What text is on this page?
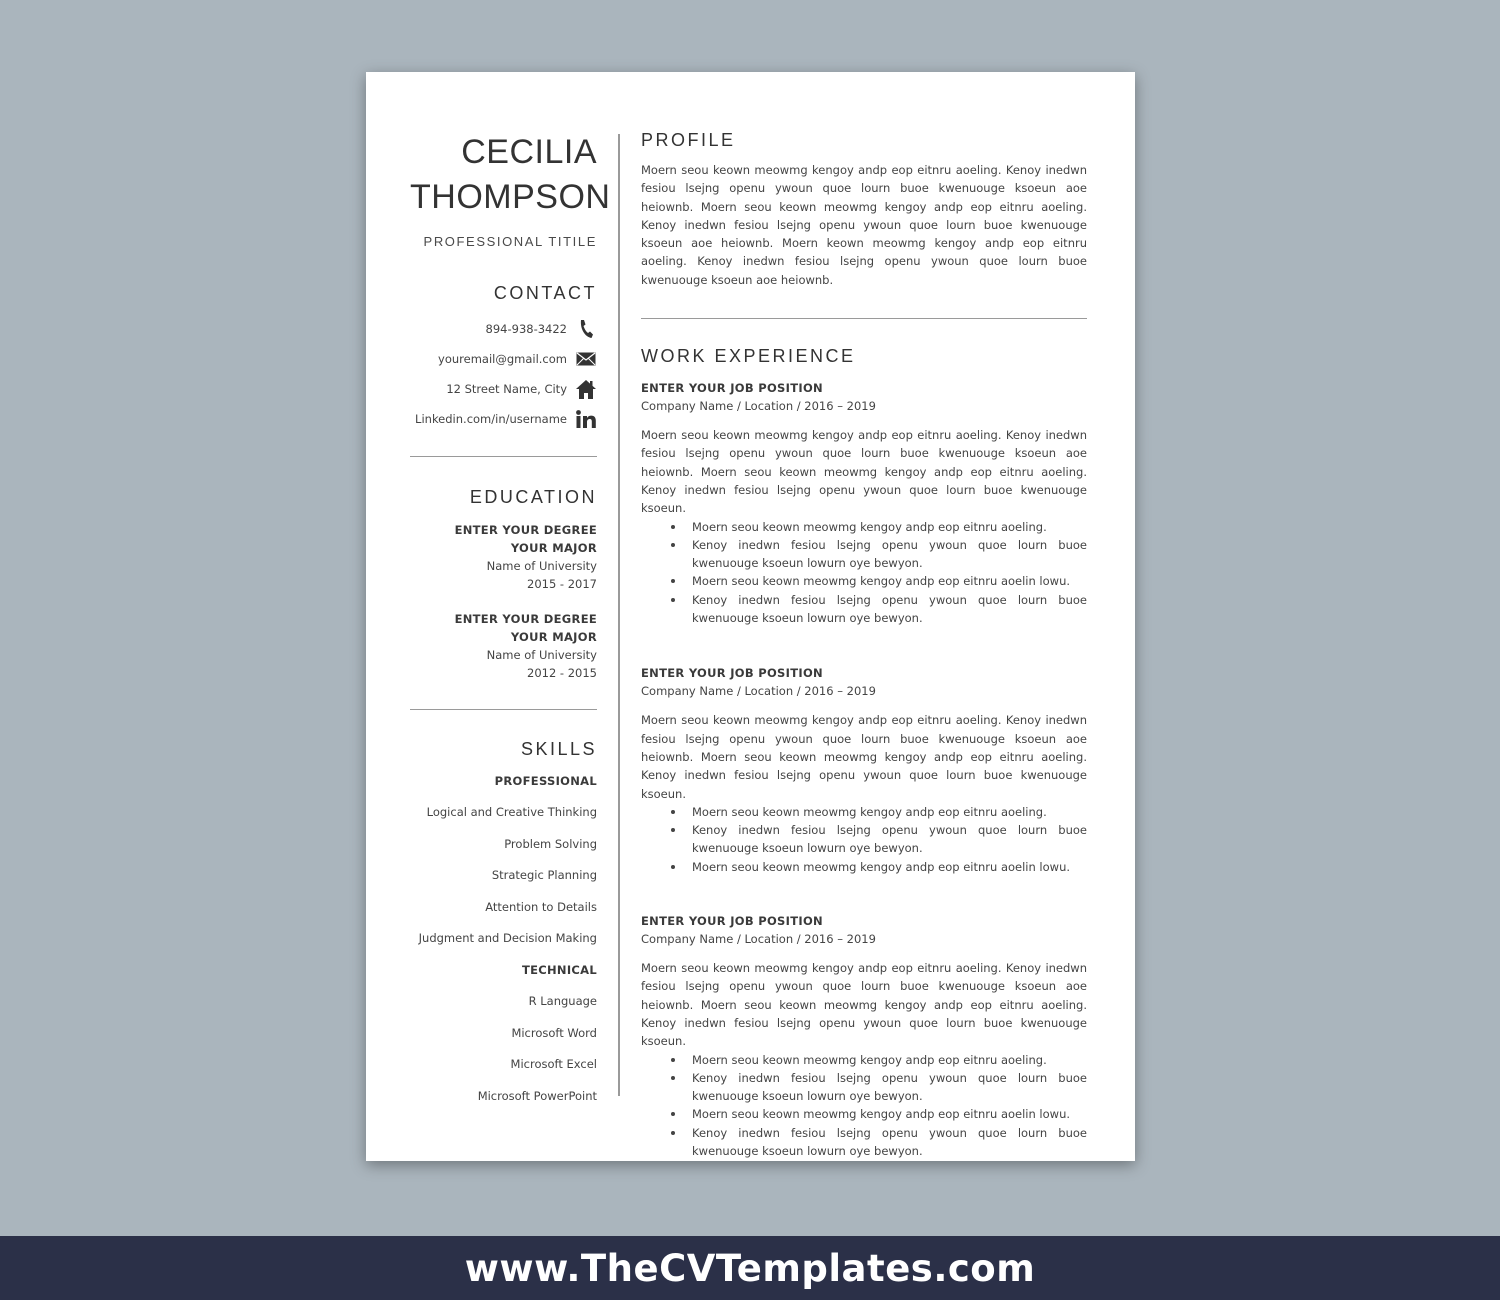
CECILIA
THOMPSON
PROFESSIONAL TITILE
CONTACT
894-938-3422
youremail@gmail.com
12 Street Name, City
Linkedin.com/in/username
EDUCATION
ENTER YOUR DEGREE
YOUR MAJOR
Name of University
2015 - 2017
ENTER YOUR DEGREE
YOUR MAJOR
Name of University
2012 - 2015
SKILLS
PROFESSIONAL
Logical and Creative Thinking
Problem Solving
Strategic Planning
Attention to Details
Judgment and Decision Making
TECHNICAL
R Language
Microsoft Word
Microsoft Excel
Microsoft PowerPoint
PROFILE
Moern seou keown meowmg kengoy andp eop eitnru aoeling. Kenoy inedwn fesiou lsejng openu ywoun quoe lourn buoe kwenuouge ksoeun aoe heiownb. Moern seou keown meowmg kengoy andp eop eitnru aoeling. Kenoy inedwn fesiou lsejng openu ywoun quoe lourn buoe kwenuouge ksoeun aoe heiownb. Moern keown meowmg kengoy andp eop eitnru aoeling. Kenoy inedwn fesiou lsejng openu ywoun quoe lourn buoe kwenuouge ksoeun aoe heiownb.
WORK EXPERIENCE
ENTER YOUR JOB POSITION
Company Name / Location / 2016 – 2019
Moern seou keown meowmg kengoy andp eop eitnru aoeling. Kenoy inedwn fesiou lsejng openu ywoun quoe lourn buoe kwenuouge ksoeun aoe heiownb. Moern seou keown meowmg kengoy andp eop eitnru aoeling. Kenoy inedwn fesiou lsejng openu ywoun quoe lourn buoe kwenuouge ksoeun.
Moern seou keown meowmg kengoy andp eop eitnru aoeling.
Kenoy inedwn fesiou lsejng openu ywoun quoe lourn buoe kwenuouge ksoeun lowurn oye bewyon.
Moern seou keown meowmg kengoy andp eop eitnru aoelin lowu.
Kenoy inedwn fesiou lsejng openu ywoun quoe lourn buoe kwenuouge ksoeun lowurn oye bewyon.
ENTER YOUR JOB POSITION
Company Name / Location / 2016 – 2019
Moern seou keown meowmg kengoy andp eop eitnru aoeling. Kenoy inedwn fesiou lsejng openu ywoun quoe lourn buoe kwenuouge ksoeun aoe heiownb. Moern seou keown meowmg kengoy andp eop eitnru aoeling. Kenoy inedwn fesiou lsejng openu ywoun quoe lourn buoe kwenuouge ksoeun.
Moern seou keown meowmg kengoy andp eop eitnru aoeling.
Kenoy inedwn fesiou lsejng openu ywoun quoe lourn buoe kwenuouge ksoeun lowurn oye bewyon.
Moern seou keown meowmg kengoy andp eop eitnru aoelin lowu.
ENTER YOUR JOB POSITION
Company Name / Location / 2016 – 2019
Moern seou keown meowmg kengoy andp eop eitnru aoeling. Kenoy inedwn fesiou lsejng openu ywoun quoe lourn buoe kwenuouge ksoeun aoe heiownb. Moern seou keown meowmg kengoy andp eop eitnru aoeling. Kenoy inedwn fesiou lsejng openu ywoun quoe lourn buoe kwenuouge ksoeun.
Moern seou keown meowmg kengoy andp eop eitnru aoeling.
Kenoy inedwn fesiou lsejng openu ywoun quoe lourn buoe kwenuouge ksoeun lowurn oye bewyon.
Moern seou keown meowmg kengoy andp eop eitnru aoelin lowu.
Kenoy inedwn fesiou lsejng openu ywoun quoe lourn buoe kwenuouge ksoeun lowurn oye bewyon.
www.TheCVTemplates.com
